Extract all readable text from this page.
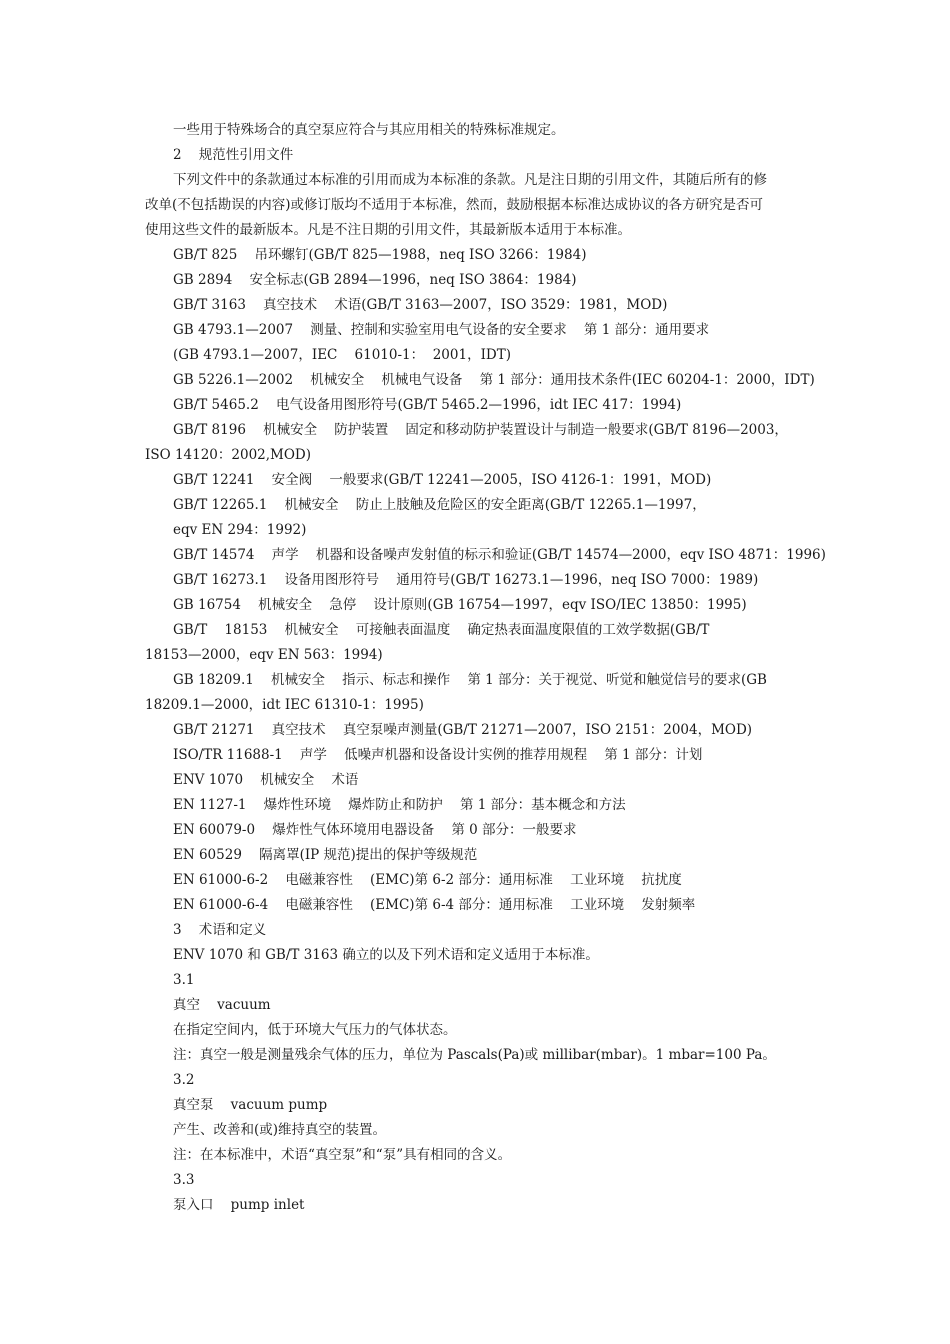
一些用于特殊场合的真空泵应符合与其应用相关的特殊标准规定。
2    规范性引用文件
下列文件中的条款通过本标准的引用而成为本标准的条款。凡是注日期的引用文件，其随后所有的修
改单(不包括勘误的内容)或修订版均不适用于本标准，然而，鼓励根据本标准达成协议的各方研究是否可
使用这些文件的最新版本。凡是不注日期的引用文件，其最新版本适用于本标准。
GB/T 825    吊环螺钉(GB/T 825—1988，neq ISO 3266：1984)
GB 2894    安全标志(GB 2894—1996，neq ISO 3864：1984)
GB/T 3163    真空技术    术语(GB/T 3163—2007，ISO 3529：1981，MOD)
GB 4793.1—2007    测量、控制和实验室用电气设备的安全要求    第 1 部分：通用要求
(GB 4793.1—2007，IEC    61010-1：  2001，IDT)
GB 5226.1—2002    机械安全    机械电气设备    第 1 部分：通用技术条件(IEC 60204-1：2000，IDT)
GB/T 5465.2    电气设备用图形符号(GB/T 5465.2—1996，idt IEC 417：1994)
GB/T 8196    机械安全    防护装置    固定和移动防护装置设计与制造一般要求(GB/T 8196—2003，
ISO 14120：2002,MOD)
GB/T 12241    安全阀    一般要求(GB/T 12241—2005，ISO 4126-1：1991，MOD)
GB/T 12265.1    机械安全    防止上肢触及危险区的安全距离(GB/T 12265.1—1997，
eqv EN 294：1992)
GB/T 14574    声学    机器和设备噪声发射值的标示和验证(GB/T 14574—2000，eqv ISO 4871：1996)
GB/T 16273.1    设备用图形符号    通用符号(GB/T 16273.1—1996，neq ISO 7000：1989)
GB 16754    机械安全    急停    设计原则(GB 16754—1997，eqv ISO/IEC 13850：1995)
GB/T    18153    机械安全    可接触表面温度    确定热表面温度限值的工效学数据(GB/T
18153—2000，eqv EN 563：1994)
GB 18209.1    机械安全    指示、标志和操作    第 1 部分：关于视觉、听觉和触觉信号的要求(GB
18209.1—2000，idt IEC 61310-1：1995)
GB/T 21271    真空技术    真空泵噪声测量(GB/T 21271—2007，ISO 2151：2004，MOD)
ISO/TR 11688-1    声学    低噪声机器和设备设计实例的推荐用规程    第 1 部分：计划
ENV 1070    机械安全    术语
EN 1127-1    爆炸性环境    爆炸防止和防护    第 1 部分：基本概念和方法
EN 60079-0    爆炸性气体环境用电器设备    第 0 部分：一般要求
EN 60529    隔离罩(IP 规范)提出的保护等级规范
EN 61000-6-2    电磁兼容性    (EMC)第 6-2 部分：通用标准    工业环境    抗扰度
EN 61000-6-4    电磁兼容性    (EMC)第 6-4 部分：通用标准    工业环境    发射频率
3    术语和定义
ENV 1070 和 GB/T 3163 确立的以及下列术语和定义适用于本标准。
3.1
真空    vacuum
在指定空间内，低于环境大气压力的气体状态。
注：真空一般是测量残余气体的压力，单位为 Pascals(Pa)或 millibar(mbar)。1 mbar=100 Pa。
3.2
真空泵    vacuum pump
产生、改善和(或)维持真空的装置。
注：在本标准中，术语“真空泵”和“泵”具有相同的含义。
3.3
泵入口    pump inlet
